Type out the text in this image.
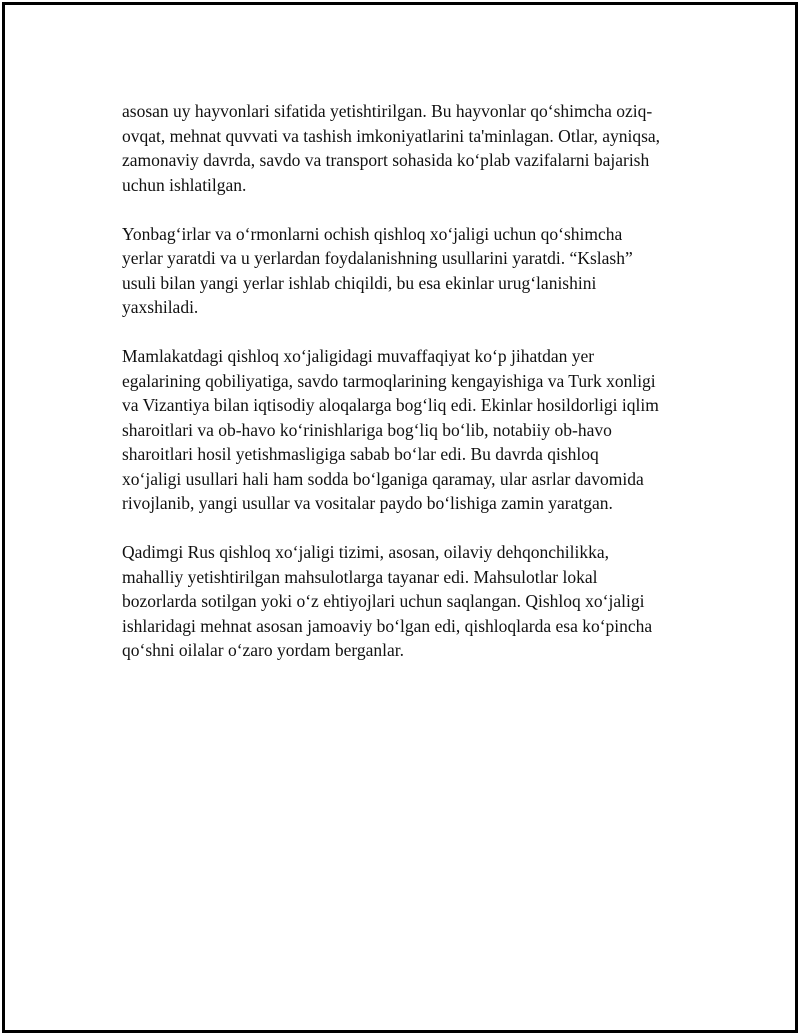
asosan uy hayvonlari sifatida yetishtirilgan. Bu hayvonlar qo‘shimcha oziq-
ovqat, mehnat quvvati va tashish imkoniyatlarini ta'minlagan. Otlar, ayniqsa,
zamonaviy davrda, savdo va transport sohasida ko‘plab vazifalarni bajarish
uchun ishlatilgan.

Yonbag‘irlar va o‘rmonlarni ochish qishloq xo‘jaligi uchun qo‘shimcha
yerlar yaratdi va u yerlardan foydalanishning usullarini yaratdi. “Kslash”
usuli bilan yangi yerlar ishlab chiqildi, bu esa ekinlar urug‘lanishini
yaxshiladi.

Mamlakatdagi qishloq xo‘jaligidagi muvaffaqiyat ko‘p jihatdan yer
egalarining qobiliyatiga, savdo tarmoqlarining kengayishiga va Turk xonligi
va Vizantiya bilan iqtisodiy aloqalarga bog‘liq edi. Ekinlar hosildorligi iqlim
sharoitlari va ob-havo ko‘rinishlariga bog‘liq bo‘lib, notabiiy ob-havo
sharoitlari hosil yetishmasligiga sabab bo‘lar edi. Bu davrda qishloq
xo‘jaligi usullari hali ham sodda bo‘lganiga qaramay, ular asrlar davomida
rivojlanib, yangi usullar va vositalar paydo bo‘lishiga zamin yaratgan.

Qadimgi Rus qishloq xo‘jaligi tizimi, asosan, oilaviy dehqonchilikka,
mahalliy yetishtirilgan mahsulotlarga tayanar edi. Mahsulotlar lokal
bozorlarda sotilgan yoki o‘z ehtiyojlari uchun saqlangan. Qishloq xo‘jaligi
ishlaridagi mehnat asosan jamoaviy bo‘lgan edi, qishloqlarda esa ko‘pincha
qo‘shni oilalar o‘zaro yordam berganlar.
